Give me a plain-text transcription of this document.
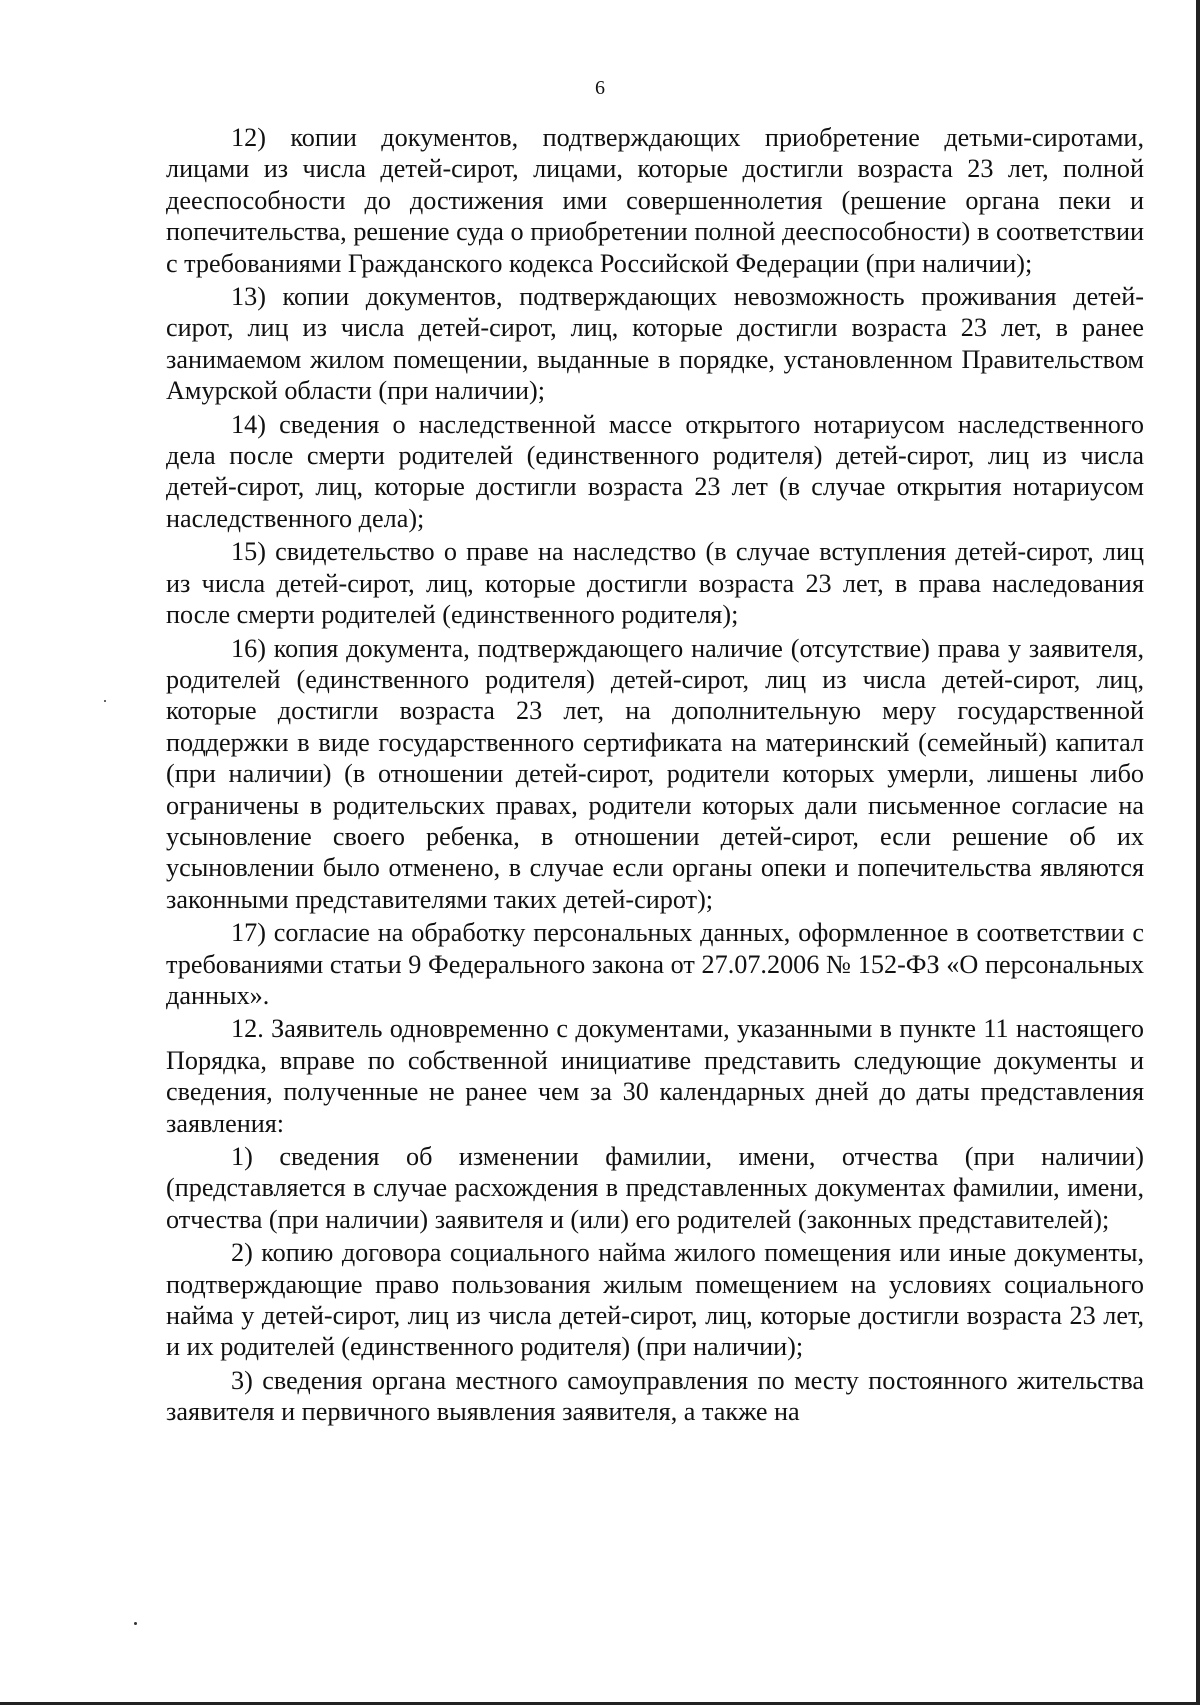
6

12) копии документов, подтверждающих приобретение детьми-сиротами, лицами из числа детей-сирот, лицами, которые достигли возраста 23 лет, полной дееспособности до достижения ими совершеннолетия (решение органа пеки и попечительства, решение суда о приобретении полной дееспособности) в соответствии с требованиями Гражданского кодекса Российской Федерации (при наличии);

13) копии документов, подтверждающих невозможность проживания детей-сирот, лиц из числа детей-сирот, лиц, которые достигли возраста 23 лет, в ранее занимаемом жилом помещении, выданные в порядке, установленном Правительством Амурской области (при наличии);

14) сведения о наследственной массе открытого нотариусом наследственного дела после смерти родителей (единственного родителя) детей-сирот, лиц из числа детей-сирот, лиц, которые достигли возраста 23 лет (в случае открытия нотариусом наследственного дела);

15) свидетельство о праве на наследство (в случае вступления детей-сирот, лиц из числа детей-сирот, лиц, которые достигли возраста 23 лет, в права наследования после смерти родителей (единственного родителя);

16) копия документа, подтверждающего наличие (отсутствие) права у заявителя, родителей (единственного родителя) детей-сирот, лиц из числа детей-сирот, лиц, которые достигли возраста 23 лет, на дополнительную меру государственной поддержки в виде государственного сертификата на материнский (семейный) капитал (при наличии) (в отношении детей-сирот, родители которых умерли, лишены либо ограничены в родительских правах, родители которых дали письменное согласие на усыновление своего ребенка, в отношении детей-сирот, если решение об их усыновлении было отменено, в случае если органы опеки и попечительства являются законными представителями таких детей-сирот);

17) согласие на обработку персональных данных, оформленное в соответствии с требованиями статьи 9 Федерального закона от 27.07.2006 № 152-ФЗ «О персональных данных».

12. Заявитель одновременно с документами, указанными в пункте 11 настоящего Порядка, вправе по собственной инициативе представить следующие документы и сведения, полученные не ранее чем за 30 календарных дней до даты представления заявления:

1) сведения об изменении фамилии, имени, отчества (при наличии) (представляется в случае расхождения в представленных документах фамилии, имени, отчества (при наличии) заявителя и (или) его родителей (законных представителей);

2) копию договора социального найма жилого помещения или иные документы, подтверждающие право пользования жилым помещением на условиях социального найма у детей-сирот, лиц из числа детей-сирот, лиц, которые достигли возраста 23 лет, и их родителей (единственного родителя) (при наличии);

3) сведения органа местного самоуправления по месту постоянного жительства заявителя и первичного выявления заявителя, а также на
